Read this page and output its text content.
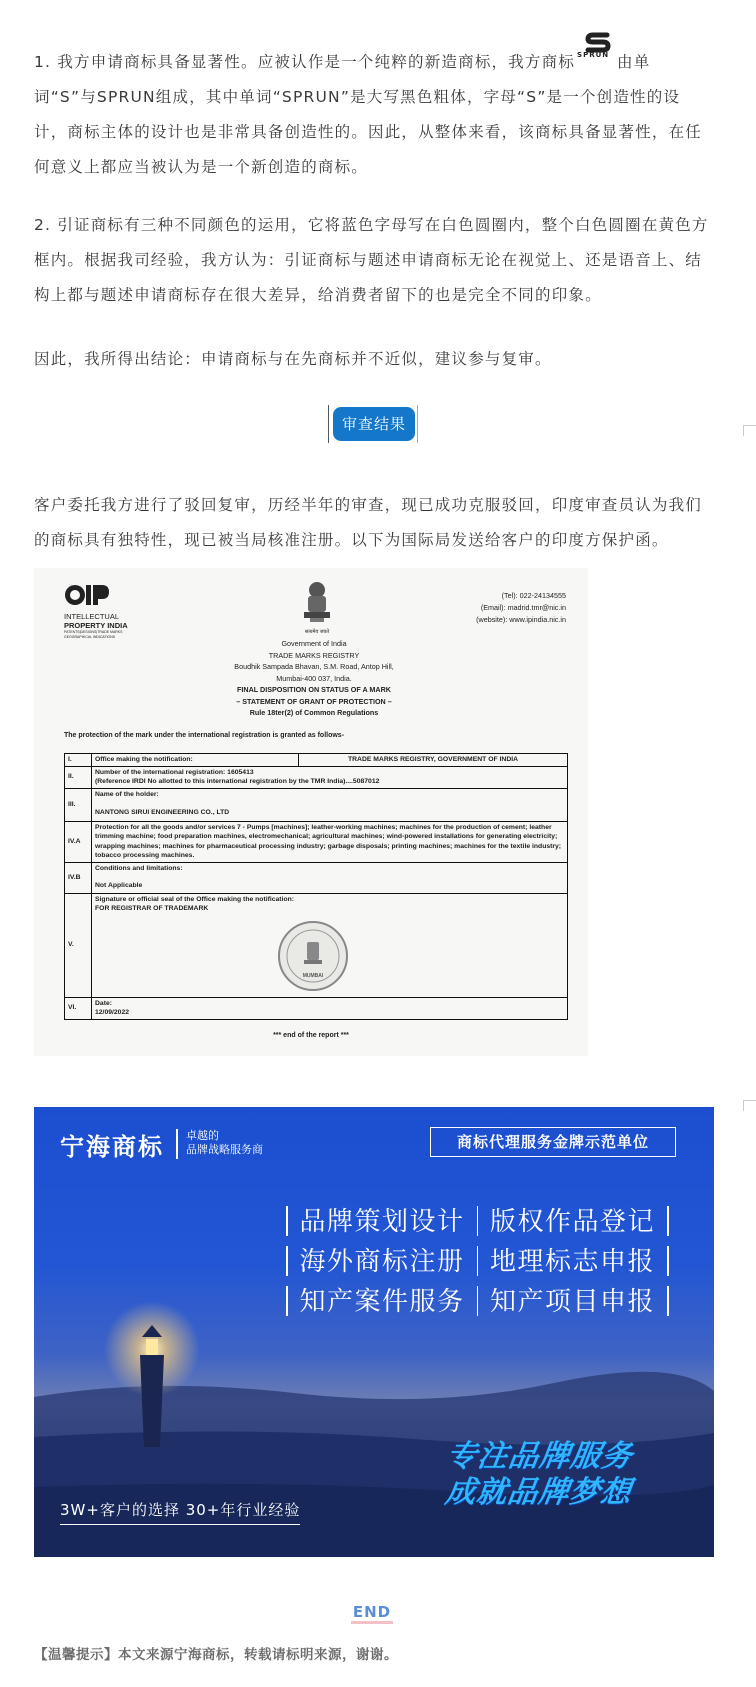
1. 我方申请商标具备显著性。应被认作是一个纯粹的新造商标，我方商标 SPRUN 由单词“S”与SPRUN组成，其中单词“SPRUN”是大写黑色粗体，字母“S”是一个创造性的设计，商标主体的设计也是非常具备创造性的。因此，从整体来看，该商标具备显著性，在任何意义上都应当被认为是一个新创造的商标。

2. 引证商标有三种不同颜色的运用，它将蓝色字母写在白色圆圈内，整个白色圆圈在黄色方框内。根据我司经验，我方认为：引证商标与题述申请商标无论在视觉上、还是语音上、结构上都与题述申请商标存在很大差异，给消费者留下的也是完全不同的印象。

因此，我所得出结论：申请商标与在先商标并不近似，建议参与复审。

审查结果

客户委托我方进行了驳回复审，历经半年的审查，现已成功克服驳回，印度审查员认为我们的商标具有独特性，现已被当局核准注册。以下为国际局发送给客户的印度方保护函。

INTELLECTUAL
PROPERTY INDIA
PATENTS|DESIGNS|TRADE MARKS
GEOGRAPHICAL INDICATIONS
सत्यमेव जयते
(Tel): 022-24134555
(Email): madrid.tmr@nic.in
(website): www.ipindia.nic.in
Government of India
TRADE MARKS REGISTRY
Boudhik Sampada Bhavan, S.M. Road, Antop Hill,
Mumbai-400 037, India.
FINAL DISPOSITION ON STATUS OF A MARK
– STATEMENT OF GRANT OF PROTECTION –
Rule 18ter(2) of Common Regulations
The protection of the mark under the international registration is granted as follows-
I.	Office making the notification:	TRADE MARKS REGISTRY, GOVERNMENT OF INDIA
II.	Number of the international registration: 1605413
(Reference IRDI No allotted to this international registration by the TMR India)....5087012	

III.	Name of the holder:
NANTONG SIRUI ENGINEERING CO., LTD	

IV.A	Protection for all the goods and/or services 7 - Pumps [machines]; leather-working machines; machines for the production of cement; leather trimming machine; food preparation machines, electromechanical; agricultural machines; wind-powered installations for generating electricity; wrapping machines; machines for pharmaceutical processing industry; garbage disposals; printing machines; machines for the textile industry; tobacco processing machines.	
IV.B	Conditions and limitations:
Not Applicable	

V.	Signature or official seal of the Office making the notification:
FOR REGISTRAR OF TRADEMARK
MUMBAI	

VI.	Date:
12/09/2022	
*** end of the report ***
宁海商标 卓越的
品牌战略服务商	商标代理服务金牌示范单位
品牌策划设计 版权作品登记
海外商标注册 地理标志申报
知产案件服务 知产项目申报
专注品牌服务
成就品牌梦想
3W+客户的选择 30+年行业经验
END
【温馨提示】本文来源宁海商标，转载请标明来源，谢谢。
